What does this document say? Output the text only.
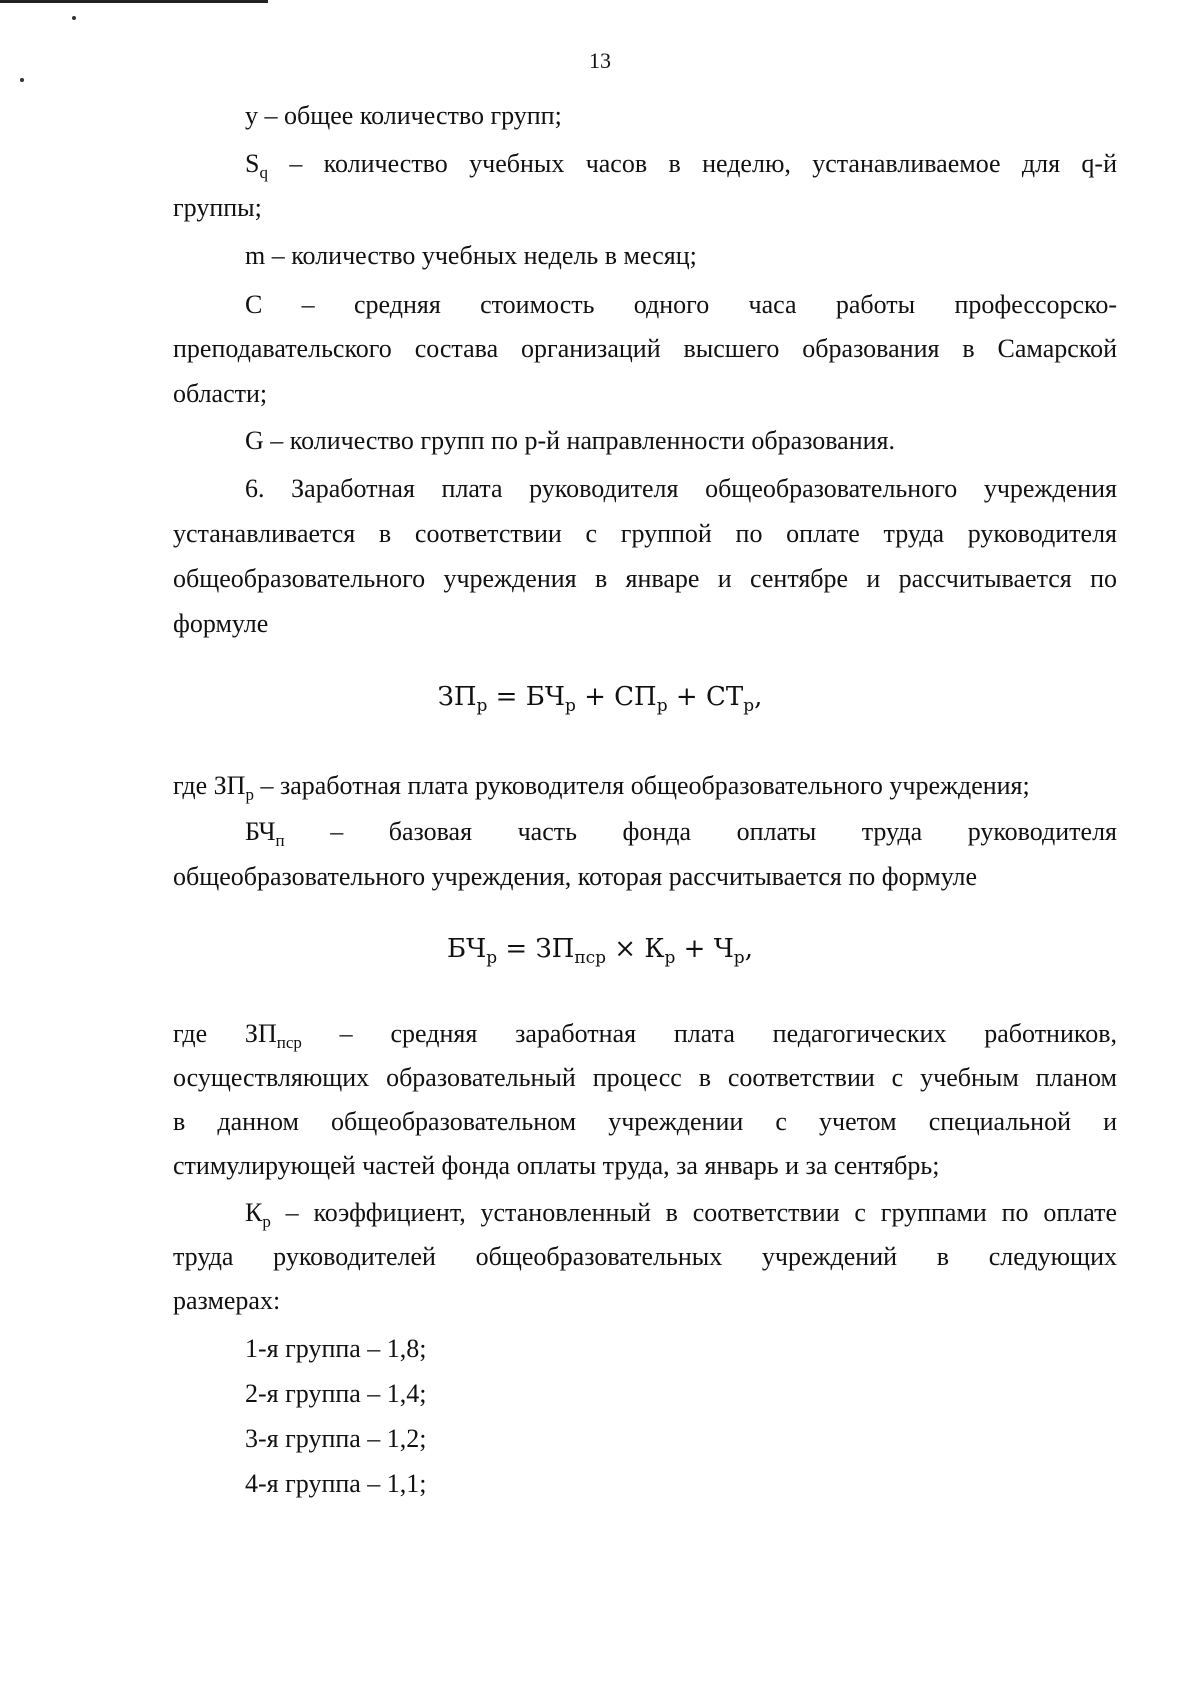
13
y – общее количество групп;
$S_q$ – количество учебных часов в неделю, устанавливаемое для q-й
группы;
m – количество учебных недель в месяц;
C – средняя стоимость одного часа работы профессорско-
преподавательского состава организаций высшего образования в Самарской
области;
G – количество групп по p-й направленности образования.
6. Заработная плата руководителя общеобразовательного учреждения
устанавливается в соответствии с группой по оплате труда руководителя
общеобразовательного учреждения в январе и сентябре и рассчитывается по
формуле
$ЗП_р = БЧ_р + СП_р + СТ_р$,
где $ЗП_р$ – заработная плата руководителя общеобразовательного учреждения;
$БЧ_п$ – базовая часть фонда оплаты труда руководителя
общеобразовательного учреждения, которая рассчитывается по формуле
$БЧ_р = ЗП_{пср} \times К_р + Ч_р$,
где $ЗП_{пср}$ – средняя заработная плата педагогических работников,
осуществляющих образовательный процесс в соответствии с учебным планом
в данном общеобразовательном учреждении с учетом специальной и
стимулирующей частей фонда оплаты труда, за январь и за сентябрь;
$К_р$ – коэффициент, установленный в соответствии с группами по оплате
труда руководителей общеобразовательных учреждений в следующих
размерах:
1-я группа – 1,8;
2-я группа – 1,4;
3-я группа – 1,2;
4-я группа – 1,1;
